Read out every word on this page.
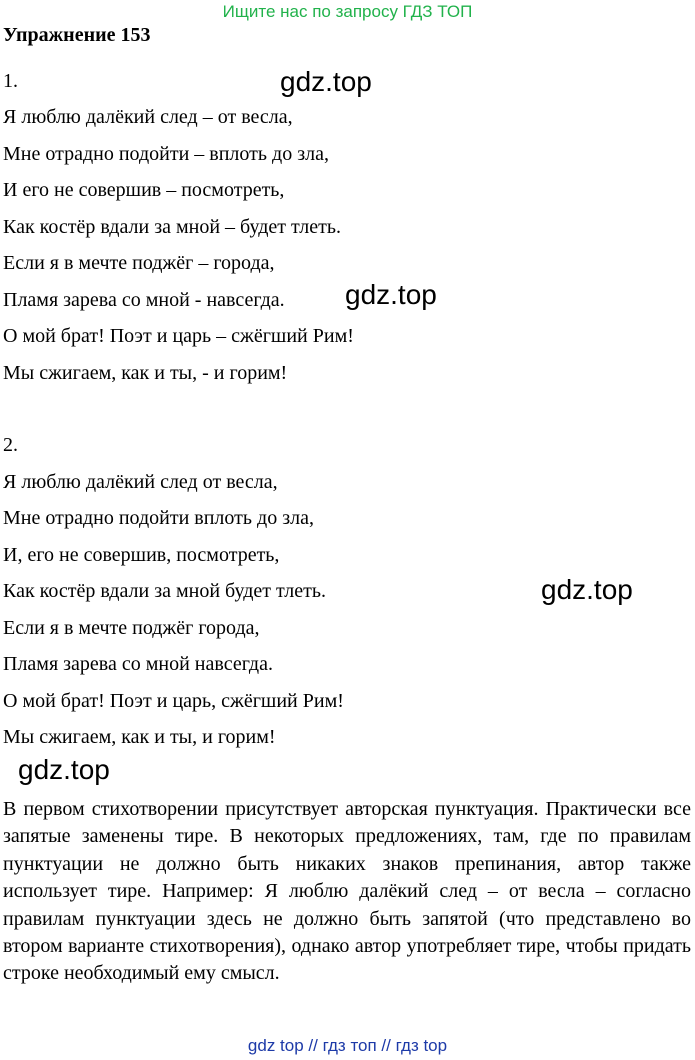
Ищите нас по запросу ГДЗ ТОП
Упражнение 153
1.
Я люблю далёкий след – от весла,
Мне отрадно подойти – вплоть до зла,
И его не совершив – посмотреть,
Как костёр вдали за мной – будет тлеть.
Если я в мечте поджёг – города,
Пламя зарева со мной - навсегда.
О мой брат! Поэт и царь – сжёгший Рим!
Мы сжигаем, как и ты, - и горим!
2.
Я люблю далёкий след от весла,
Мне отрадно подойти вплоть до зла,
И, его не совершив, посмотреть,
Как костёр вдали за мной будет тлеть.
Если я в мечте поджёг города,
Пламя зарева со мной навсегда.
О мой брат! Поэт и царь, сжёгший Рим!
Мы сжигаем, как и ты, и горим!
gdz.top
gdz.top
gdz.top
gdz.top
В первом стихотворении присутствует авторская пунктуация. Практически все запятые заменены тире. В некоторых предложениях, там, где по правилам пунктуации не должно быть никаких знаков препинания, автор также использует тире. Например: Я люблю далёкий след – от весла – согласно правилам пунктуации здесь не должно быть запятой (что представлено во втором варианте стихотворения), однако автор употребляет тире, чтобы придать строке необходимый ему смысл.
gdz top // гдз топ // гдз top
